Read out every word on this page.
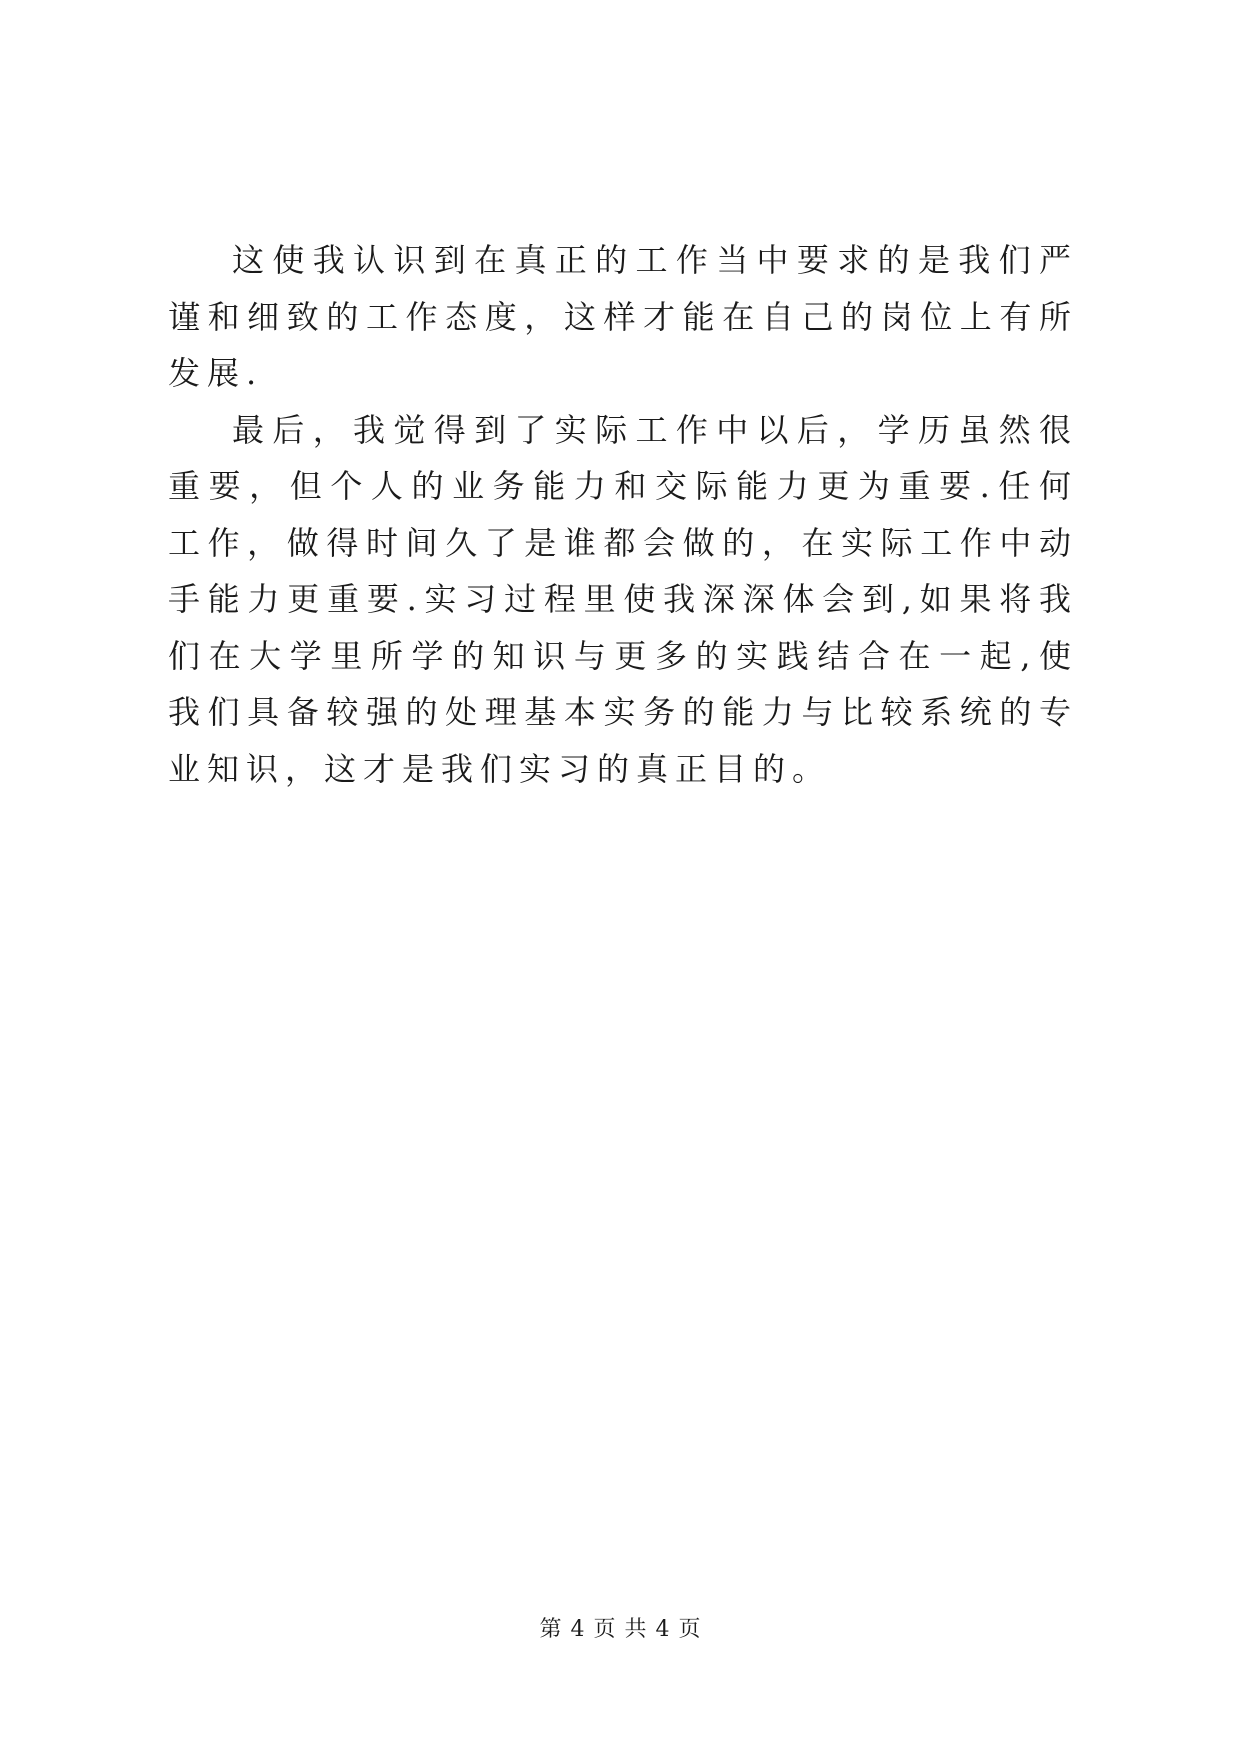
这使我认识到在真正的工作当中要求的是我们严谨和细致的工作态度，这样才能在自己的岗位上有所发展.

最后，我觉得到了实际工作中以后，学历虽然很重要，但个人的业务能力和交际能力更为重要.任何工作，做得时间久了是谁都会做的，在实际工作中动手能力更重要.实习过程里使我深深体会到,如果将我们在大学里所学的知识与更多的实践结合在一起,使我们具备较强的处理基本实务的能力与比较系统的专业知识，这才是我们实习的真正目的。

第 4 页 共 4 页
